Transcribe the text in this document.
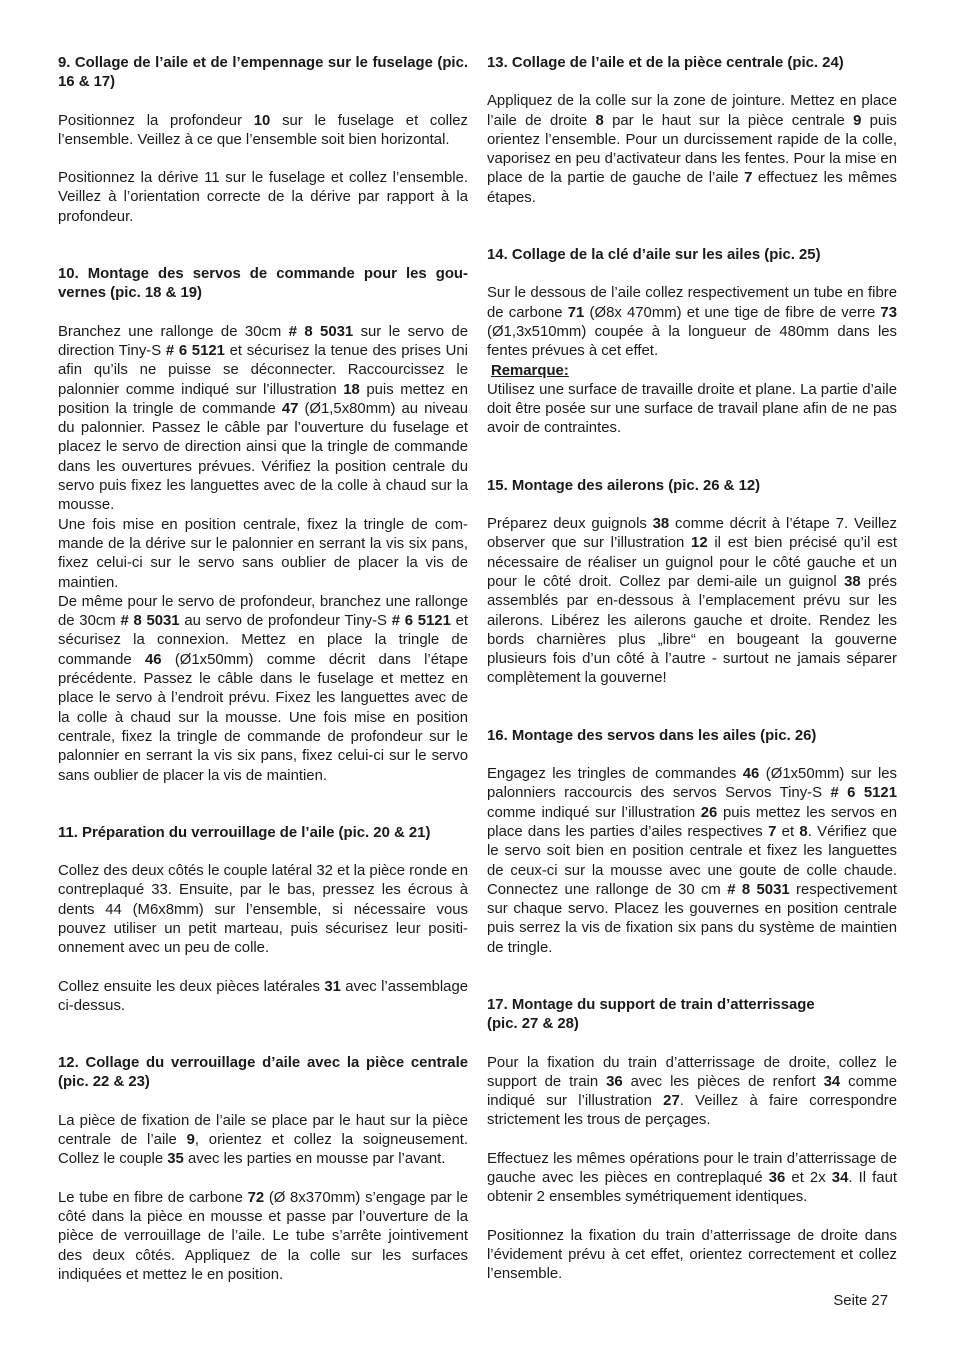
9. Collage de l’aile et de l’empennage sur le fuselage (pic. 16 & 17)

Positionnez la profondeur 10 sur le fuselage et collez l’ensemble. Veillez à ce que l’ensemble soit bien horizontal.

Positionnez la dérive 11 sur le fuselage et collez l’ensemble. Veillez à l’orientation correcte de la dérive par rapport à la profondeur.

10. Montage des servos de commande pour les gouvernes (pic. 18 & 19)

Branchez une rallonge de 30cm # 8 5031 sur le servo de direction Tiny-S # 6 5121 et sécurisez la tenue des prises Uni afin qu’ils ne puisse se déconnecter. Raccourcissez le palonnier comme indiqué sur l’illustration 18 puis mettez en position la tringle de commande 47 (Ø1,5x80mm) au niveau du palonnier. Passez le câble par l’ouverture du fuselage et placez le servo de direction ainsi que la tringle de commande dans les ouvertures prévues. Vérifiez la position centrale du servo puis fixez les languettes avec de la colle à chaud sur la mousse.

Une fois mise en position centrale, fixez la tringle de commande de la dérive sur le palonnier en serrant la vis six pans, fixez celui-ci sur le servo sans oublier de placer la vis de maintien.

De même pour le servo de profondeur, branchez une rallonge de 30cm # 8 5031 au servo de profondeur Tiny-S # 6 5121 et sécurisez la connexion. Mettez en place la tringle de commande 46 (Ø1x50mm) comme décrit dans l’étape précédente. Passez le câble dans le fuselage et mettez en place le servo à l’endroit prévu. Fixez les languettes avec de la colle à chaud sur la mousse. Une fois mise en position centrale, fixez la tringle de commande de profondeur sur le palonnier en serrant la vis six pans, fixez celui-ci sur le servo sans oublier de placer la vis de maintien.

11. Préparation du verrouillage de l’aile (pic. 20 & 21)

Collez des deux côtés le couple latéral 32 et la pièce ronde en contreplaqué 33. Ensuite, par le bas, pressez les écrous à dents 44 (M6x8mm) sur l’ensemble, si nécessaire vous pouvez utiliser un petit marteau, puis sécurisez leur positionnement avec un peu de colle.

Collez ensuite les deux pièces latérales 31 avec l’assemblage ci-dessus.

12. Collage du verrouillage d’aile avec la pièce centrale (pic. 22 & 23)

La pièce de fixation de l’aile se place par le haut sur la pièce centrale de l’aile 9, orientez et collez la soigneusement. Collez le couple 35 avec les parties en mousse par l’avant.

Le tube en fibre de carbone 72 (Ø 8x370mm) s’engage par le côté dans la pièce en mousse et passe par l’ouverture de la pièce de verrouillage de l’aile. Le tube s’arrête jointivement des deux côtés. Appliquez de la colle sur les surfaces indiquées et mettez le en position.

13. Collage de l’aile et de la pièce centrale (pic. 24)

Appliquez de la colle sur la zone de jointure. Mettez en place l’aile de droite 8 par le haut sur la pièce centrale 9 puis orientez l’ensemble. Pour un durcissement rapide de la colle, vaporisez en peu d’activateur dans les fentes. Pour la mise en place de la partie de gauche de l’aile 7 effectuez les mêmes étapes.

14. Collage de la clé d’aile sur les ailes (pic. 25)

Sur le dessous de l’aile collez respectivement un tube en fibre de carbone 71 (Ø8x 470mm) et une tige de fibre de verre 73 (Ø1,3x510mm) coupée à la longueur de 480mm dans les fentes prévues à cet effet.

Remarque:

Utilisez une surface de travaille droite et plane. La partie d’aile doit être posée sur une surface de travail plane afin de ne pas avoir de contraintes.

15. Montage des ailerons (pic. 26 & 12)

Préparez deux guignols 38 comme décrit à l’étape 7. Veillez observer que sur l’illustration 12 il est bien précisé qu’il est nécessaire de réaliser un guignol pour le côté gauche et un pour le côté droit. Collez par demi-aile un guignol 38 prés assemblés par en-dessous à l’emplacement prévu sur les ailerons. Libérez les ailerons gauche et droite. Rendez les bords charnières plus „libre“ en bougeant la gouverne plusieurs fois d’un côté à l’autre - surtout ne jamais séparer complètement la gouverne!

16. Montage des servos dans les ailes (pic. 26)

Engagez les tringles de commandes 46 (Ø1x50mm) sur les palonniers raccourcis des servos Servos Tiny-S # 6 5121 comme indiqué sur l’illustration 26 puis mettez les servos en place dans les parties d’ailes respectives 7 et 8. Vérifiez que le servo soit bien en position centrale et fixez les languettes de ceux-ci sur la mousse avec une goute de colle chaude. Connectez une rallonge de 30 cm # 8 5031 respectivement sur chaque servo. Placez les gouvernes en position centrale puis serrez la vis de fixation six pans du système de maintien de tringle.

17. Montage du support de train d’atterrissage
(pic. 27 & 28)

Pour la fixation du train d’atterrissage de droite, collez le support de train 36 avec les pièces de renfort 34 comme indiqué sur l’illustration 27. Veillez à faire correspondre strictement les trous de perçages.

Effectuez les mêmes opérations pour le train d’atterrissage de gauche avec les pièces en contreplaqué 36 et 2x 34. Il faut obtenir 2 ensembles symétriquement identiques.

Positionnez la fixation du train d’atterrissage de droite dans l’évidement prévu à cet effet, orientez correctement et collez l’ensemble.

Seite 27
